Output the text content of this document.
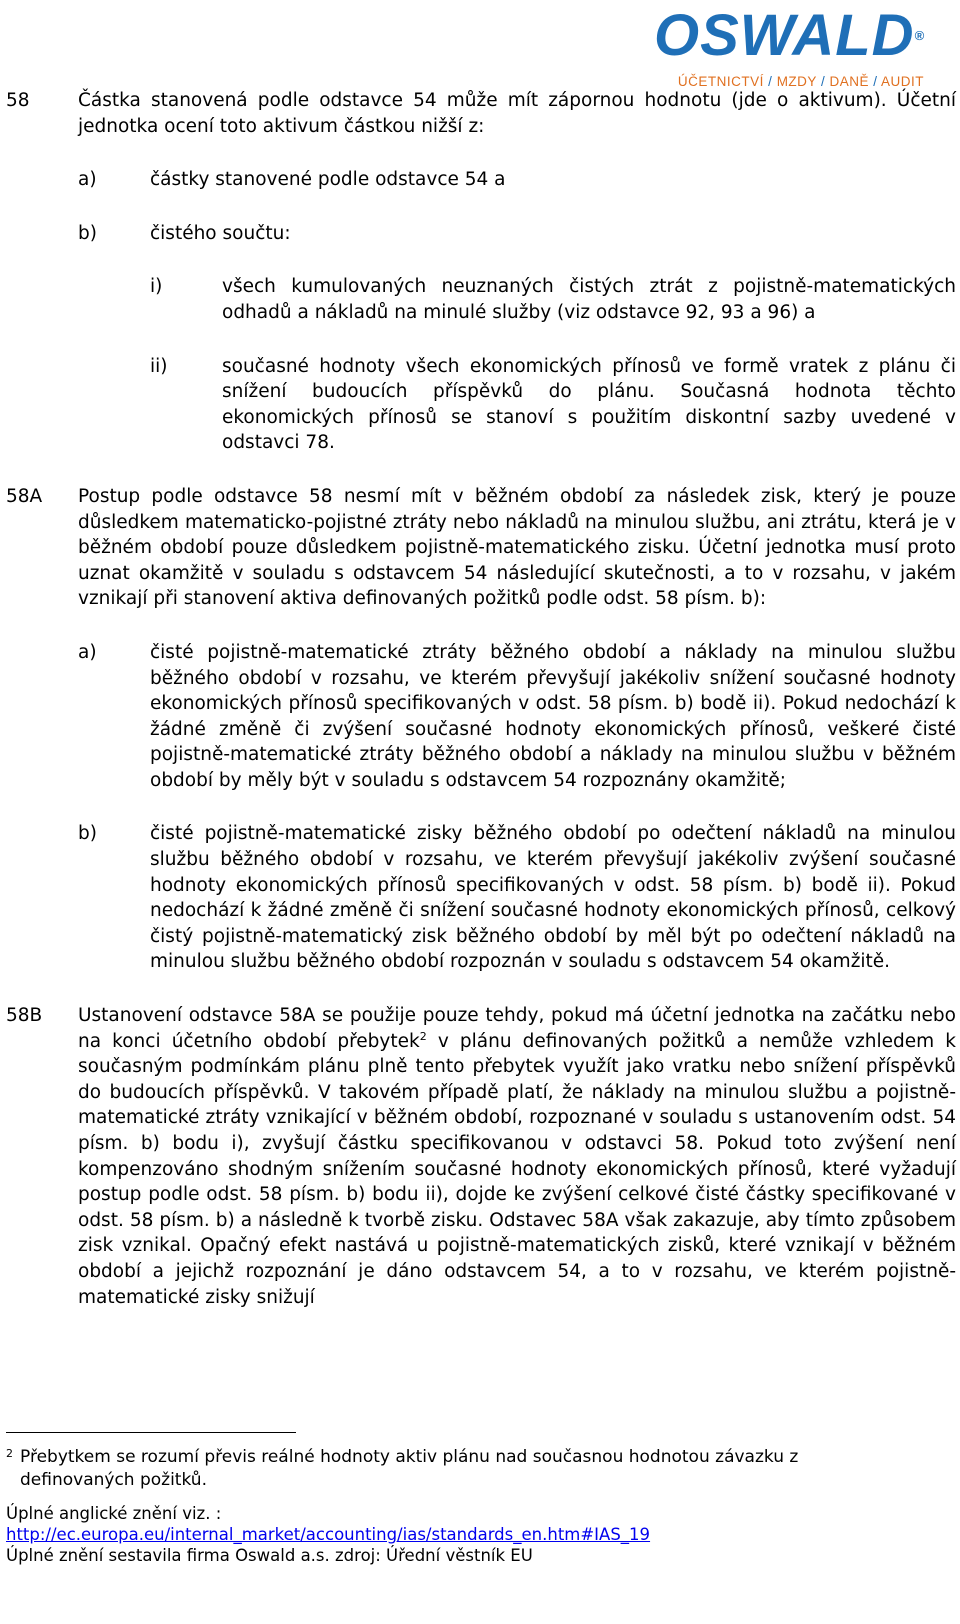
OSWALD®
ÚČETNICTVÍ / MZDY / DANĚ / AUDIT
58	Částka stanovená podle odstavce 54 může mít zápornou hodnotu (jde o aktivum). Účetní jednotka ocení toto aktivum částkou nižší z:
a)	částky stanovené podle odstavce 54 a
b)	čistého součtu:
i)	všech kumulovaných neuznaných čistých ztrát z pojistně-matematických odhadů a nákladů na minulé služby (viz odstavce 92, 93 a 96) a
ii)	současné hodnoty všech ekonomických přínosů ve formě vratek z plánu či snížení budoucích příspěvků do plánu. Současná hodnota těchto ekonomických přínosů se stanoví s použitím diskontní sazby uvedené v odstavci 78.
58A Postup podle odstavce 58 nesmí mít v běžném období za následek zisk, který je pouze důsledkem matematicko-pojistné ztráty nebo nákladů na minulou službu, ani ztrátu, která je v běžném období pouze důsledkem pojistně-matematického zisku. Účetní jednotka musí proto uznat okamžitě v souladu s odstavcem 54 následující skutečnosti, a to v rozsahu, v jakém vznikají při stanovení aktiva definovaných požitků podle odst. 58 písm. b):
a)	čisté pojistně-matematické ztráty běžného období a náklady na minulou službu běžného období v rozsahu, ve kterém převyšují jakékoliv snížení současné hodnoty ekonomických přínosů specifikovaných v odst. 58 písm. b) bodě ii). Pokud nedochází k žádné změně či zvýšení současné hodnoty ekonomických přínosů, veškeré čisté pojistně-matematické ztráty běžného období a náklady na minulou službu v běžném období by měly být v souladu s odstavcem 54 rozpoznány okamžitě;
b)	čisté pojistně-matematické zisky běžného období po odečtení nákladů na minulou službu běžného období v rozsahu, ve kterém převyšují jakékoliv zvýšení současné hodnoty ekonomických přínosů specifikovaných v odst. 58 písm. b) bodě ii). Pokud nedochází k žádné změně či snížení současné hodnoty ekonomických přínosů, celkový čistý pojistně-matematický zisk běžného období by měl být po odečtení nákladů na minulou službu běžného období rozpoznán v souladu s odstavcem 54 okamžitě.
58B Ustanovení odstavce 58A se použije pouze tehdy, pokud má účetní jednotka na začátku nebo na konci účetního období přebytek$^2$ v plánu definovaných požitků a nemůže vzhledem k současným podmínkám plánu plně tento přebytek využít jako vratku nebo snížení příspěvků do budoucích příspěvků. V takovém případě platí, že náklady na minulou službu a pojistně-matematické ztráty vznikající v běžném období, rozpoznané v souladu s ustanovením odst. 54 písm. b) bodu i), zvyšují částku specifikovanou v odstavci 58. Pokud toto zvýšení není kompenzováno shodným snížením současné hodnoty ekonomických přínosů, které vyžadují postup podle odst. 58 písm. b) bodu ii), dojde ke zvýšení celkové čisté částky specifikované v odst. 58 písm. b) a následně k tvorbě zisku. Odstavec 58A však zakazuje, aby tímto způsobem zisk vznikal. Opačný efekt nastává u pojistně-matematických zisků, které vznikají v běžném období a jejichž rozpoznání je dáno odstavcem 54, a to v rozsahu, ve kterém pojistně-matematické zisky snižují
2 Přebytkem se rozumí převis reálné hodnoty aktiv plánu nad současnou hodnotou závazku z definovaných požitků.
Úplné anglické znění viz. :
http://ec.europa.eu/internal_market/accounting/ias/standards_en.htm#IAS_19
Úplné znění sestavila firma Oswald a.s. zdroj: Úřední věstník EU
